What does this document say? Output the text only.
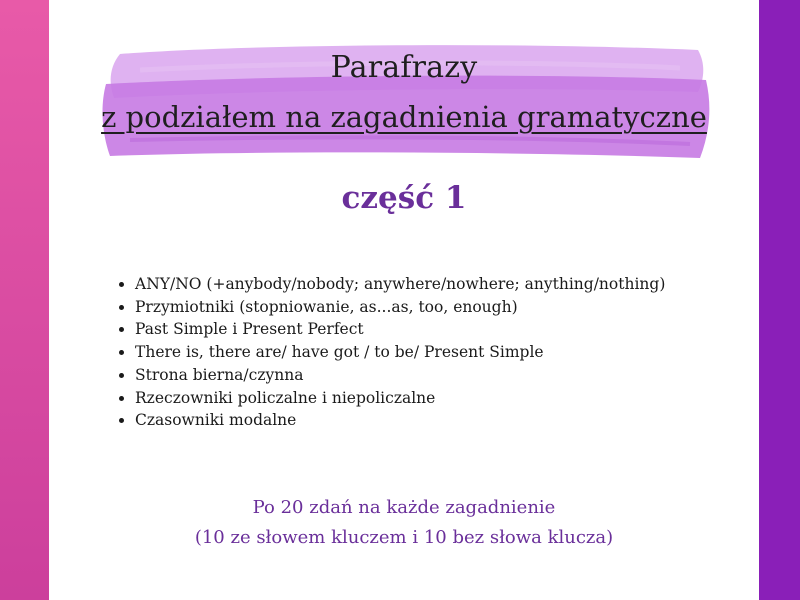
Parafrazy
z podziałem na zagadnienia gramatyczne
część 1
• ANY/NO (+anybody/nobody; anywhere/nowhere; anything/nothing)
• Przymiotniki (stopniowanie, as...as, too, enough)
• Past Simple i Present Perfect
• There is, there are/ have got / to be/ Present Simple
• Strona bierna/czynna
• Rzeczowniki policzalne i niepoliczalne
• Czasowniki modalne
Po 20 zdań na każde zagadnienie
(10 ze słowem kluczem i 10 bez słowa klucza)
